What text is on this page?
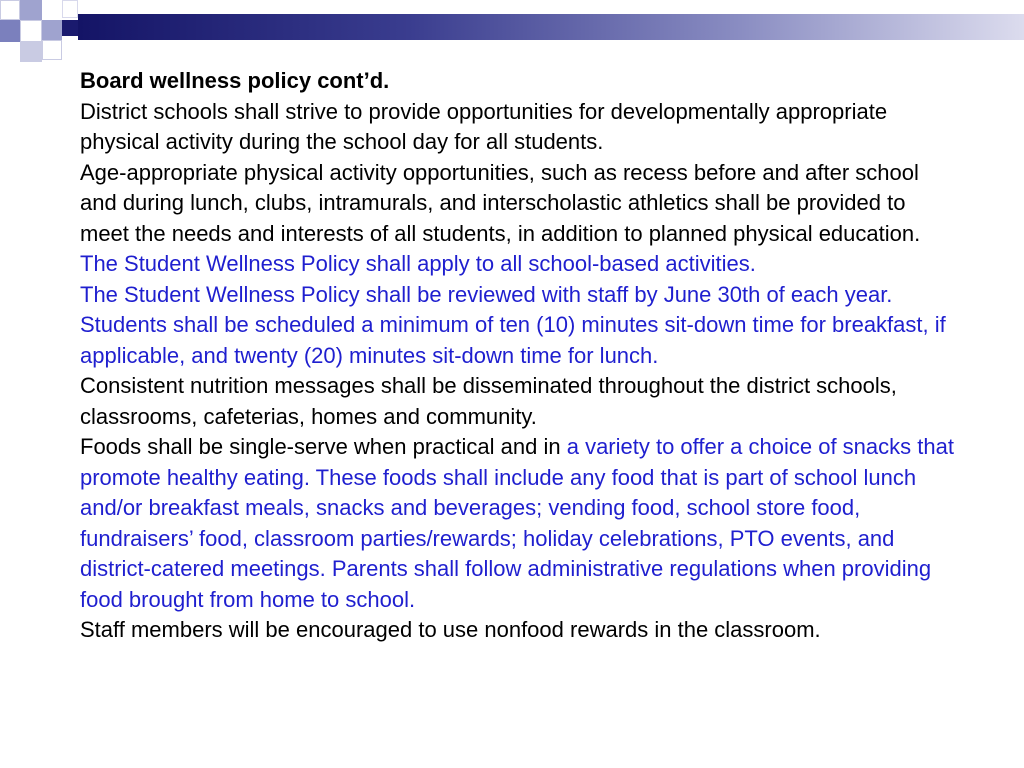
Board wellness policy cont’d.

District schools shall strive to provide opportunities for developmentally appropriate physical activity during the school day for all students.

Age-appropriate physical activity opportunities, such as recess before and after school and during lunch, clubs, intramurals, and interscholastic athletics shall be provided to meet the needs and interests of all students, in addition to planned physical education.

The Student Wellness Policy shall apply to all school-based activities.

The Student Wellness Policy shall be reviewed with staff by June 30th of each year.

Students shall be scheduled a minimum of ten (10) minutes sit-down time for breakfast, if applicable, and twenty (20) minutes sit-down time for lunch.

Consistent nutrition messages shall be disseminated throughout the district schools, classrooms, cafeterias, homes and community.

Foods shall be single-serve when practical and in a variety to offer a choice of snacks that promote healthy eating. These foods shall include any food that is part of school lunch and/or breakfast meals, snacks and beverages; vending food, school store food, fundraisers’ food, classroom parties/rewards; holiday celebrations, PTO events, and district-catered meetings. Parents shall follow administrative regulations when providing food brought from home to school.

Staff members will be encouraged to use nonfood rewards in the classroom.
